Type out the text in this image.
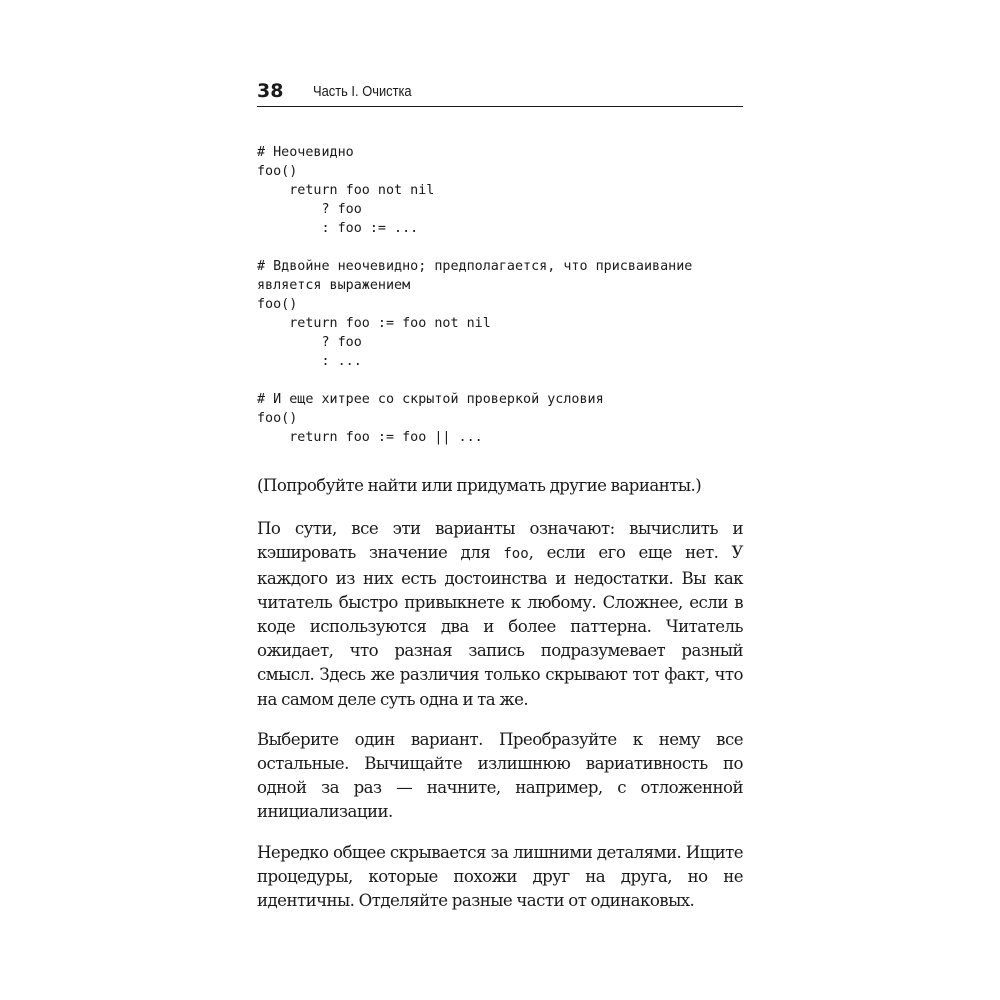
38 Часть I. Очистка
# Неочевидно
foo()
return foo not nil
? foo
: foo := ...
# Вдвойне неочевидно; предполагается, что присваивание
является выражением
foo()
return foo := foo not nil
? foo
: ...
# И еще хитрее со скрытой проверкой условия
foo()
return foo := foo || ...

(Попробуйте найти или придумать другие варианты.)

По сути, все эти варианты означают: вычислить и кэшировать значение для foo, если его еще нет. У каждого из них есть достоинства и недостатки. Вы как читатель быстро привыкнете к любому. Сложнее, если в коде используются два и более паттерна. Читатель ожидает, что разная запись подразумевает разный смысл. Здесь же различия только скрывают тот факт, что на самом деле суть одна и та же.

Выберите один вариант. Преобразуйте к нему все остальные. Вычищайте излишнюю вариативность по одной за раз — начните, например, с отложенной инициализации.

Нередко общее скрывается за лишними деталями. Ищите процедуры, которые похожи друг на друга, но не идентичны. Отделяйте разные части от одинаковых.
